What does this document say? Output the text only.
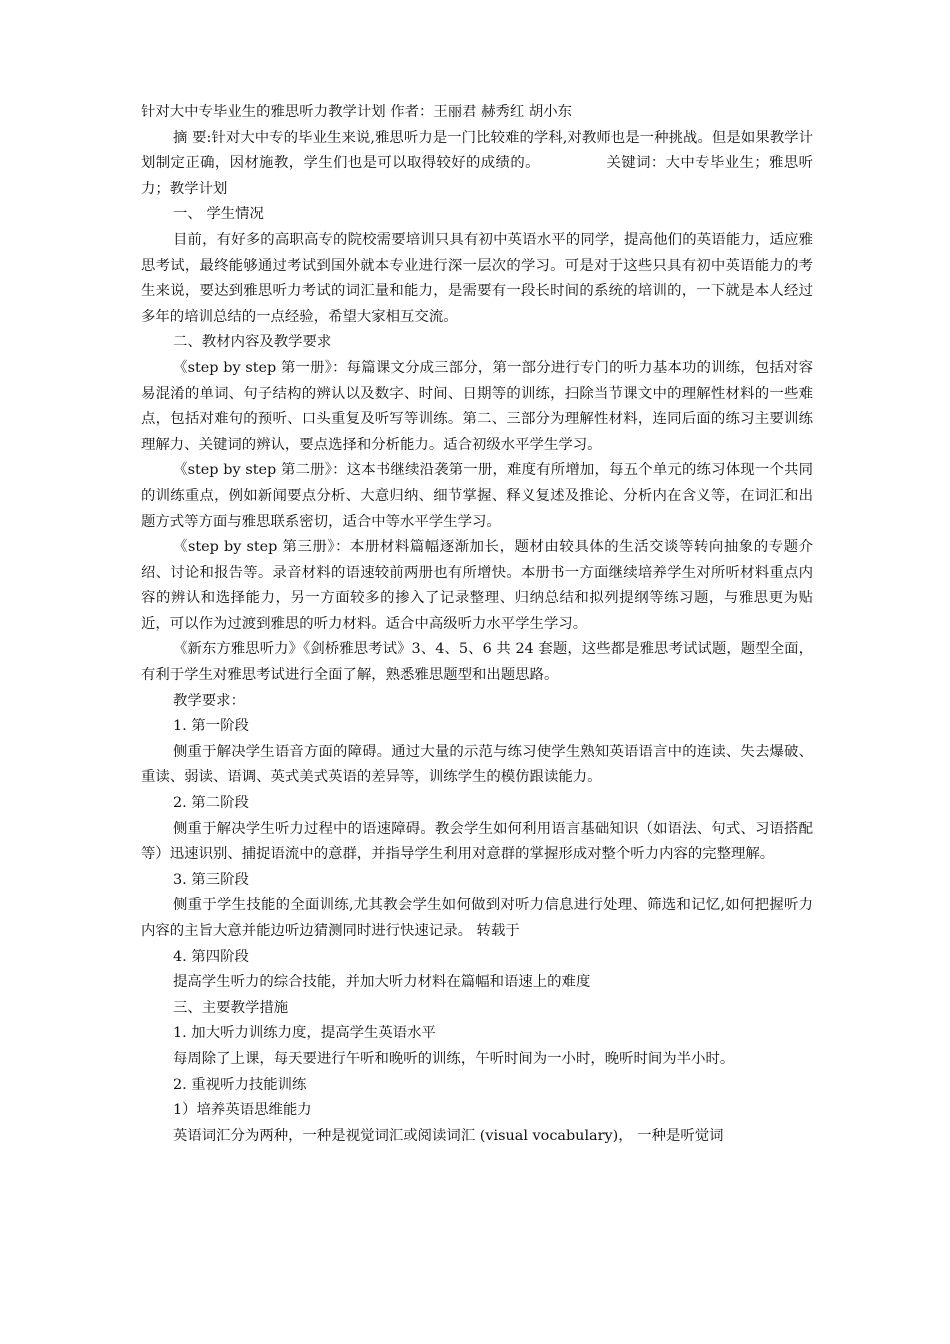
针对大中专毕业生的雅思听力教学计划 作者：王丽君 赫秀红 胡小东

摘 要:针对大中专的毕业生来说,雅思听力是一门比较难的学科,对教师也是一种挑战。但是如果教学计划制定正确，因材施教，学生们也是可以取得较好的成绩的。　　　　　关键词：大中专毕业生；雅思听力；教学计划

一、 学生情况

目前，有好多的高职高专的院校需要培训只具有初中英语水平的同学，提高他们的英语能力，适应雅思考试，最终能够通过考试到国外就本专业进行深一层次的学习。可是对于这些只具有初中英语能力的考生来说，要达到雅思听力考试的词汇量和能力，是需要有一段长时间的系统的培训的，一下就是本人经过多年的培训总结的一点经验，希望大家相互交流。

二、教材内容及教学要求

《step by step 第一册》：每篇课文分成三部分，第一部分进行专门的听力基本功的训练，包括对容易混淆的单词、句子结构的辨认以及数字、时间、日期等的训练，扫除当节课文中的理解性材料的一些难点，包括对难句的预听、口头重复及听写等训练。第二、三部分为理解性材料，连同后面的练习主要训练理解力、关键词的辨认，要点选择和分析能力。适合初级水平学生学习。

《step by step 第二册》：这本书继续沿袭第一册，难度有所增加，每五个单元的练习体现一个共同的训练重点，例如新闻要点分析、大意归纳、细节掌握、释义复述及推论、分析内在含义等，在词汇和出题方式等方面与雅思联系密切，适合中等水平学生学习。

《step by step 第三册》：本册材料篇幅逐渐加长，题材由较具体的生活交谈等转向抽象的专题介绍、讨论和报告等。录音材料的语速较前两册也有所增快。本册书一方面继续培养学生对所听材料重点内容的辨认和选择能力，另一方面较多的掺入了记录整理、归纳总结和拟列提纲等练习题，与雅思更为贴近，可以作为过渡到雅思的听力材料。适合中高级听力水平学生学习。

《新东方雅思听力》《剑桥雅思考试》3、4、5、6 共 24 套题，这些都是雅思考试试题，题型全面，有利于学生对雅思考试进行全面了解，熟悉雅思题型和出题思路。

教学要求：

1. 第一阶段

侧重于解决学生语音方面的障碍。通过大量的示范与练习使学生熟知英语语言中的连读、失去爆破、重读、弱读、语调、英式美式英语的差异等，训练学生的模仿跟读能力。

2. 第二阶段

侧重于解决学生听力过程中的语速障碍。教会学生如何利用语言基础知识（如语法、句式、习语搭配等）迅速识别、捕捉语流中的意群，并指导学生利用对意群的掌握形成对整个听力内容的完整理解。

3. 第三阶段

侧重于学生技能的全面训练,尤其教会学生如何做到对听力信息进行处理、筛选和记忆,如何把握听力内容的主旨大意并能边听边猜测同时进行快速记录。 转载于

4. 第四阶段

提高学生听力的综合技能，并加大听力材料在篇幅和语速上的难度

三、主要教学措施

1. 加大听力训练力度，提高学生英语水平

每周除了上课，每天要进行午听和晚听的训练，午听时间为一小时，晚听时间为半小时。

2. 重视听力技能训练

1）培养英语思维能力

英语词汇分为两种，一种是视觉词汇或阅读词汇 (visual vocabulary)， 一种是听觉词
